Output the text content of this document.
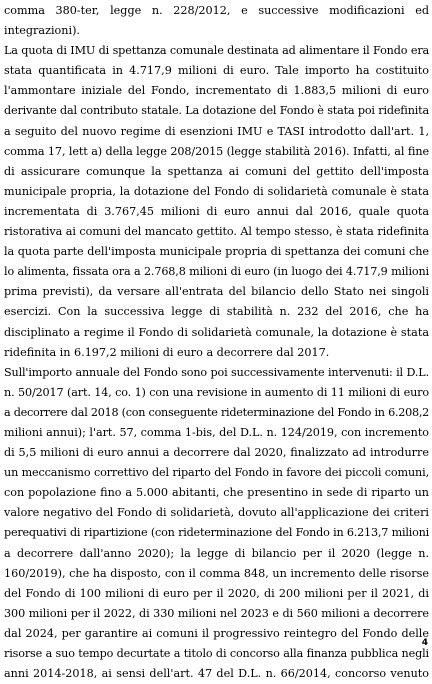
comma 380-ter, legge n. 228/2012, e successive modificazioni ed
integrazioni).
La quota di IMU di spettanza comunale destinata ad alimentare il Fondo era
stata quantificata in 4.717,9 milioni di euro. Tale importo ha costituito
l'ammontare iniziale del Fondo, incrementato di 1.883,5 milioni di euro
derivante dal contributo statale. La dotazione del Fondo è stata poi ridefinita
a seguito del nuovo regime di esenzioni IMU e TASI introdotto dall'art. 1,
comma 17, lett a) della legge 208/2015 (legge stabilità 2016). Infatti, al fine
di assicurare comunque la spettanza ai comuni del gettito dell'imposta
municipale propria, la dotazione del Fondo di solidarietà comunale è stata
incrementata di 3.767,45 milioni di euro annui dal 2016, quale quota
ristorativa ai comuni del mancato gettito. Al tempo stesso, è stata ridefinita
la quota parte dell'imposta municipale propria di spettanza dei comuni che
lo alimenta, fissata ora a 2.768,8 milioni di euro (in luogo dei 4.717,9 milioni
prima previsti), da versare all'entrata del bilancio dello Stato nei singoli
esercizi. Con la successiva legge di stabilità n. 232 del 2016, che ha
disciplinato a regime il Fondo di solidarietà comunale, la dotazione è stata
ridefinita in 6.197,2 milioni di euro a decorrere dal 2017.
Sull'importo annuale del Fondo sono poi successivamente intervenuti: il D.L.
n. 50/2017 (art. 14, co. 1) con una revisione in aumento di 11 milioni di euro
a decorrere dal 2018 (con conseguente rideterminazione del Fondo in 6.208,2
milioni annui); l'art. 57, comma 1-bis, del D.L. n. 124/2019, con incremento
di 5,5 milioni di euro annui a decorrere dal 2020, finalizzato ad introdurre
un meccanismo correttivo del riparto del Fondo in favore dei piccoli comuni,
con popolazione fino a 5.000 abitanti, che presentino in sede di riparto un
valore negativo del Fondo di solidarietà, dovuto all'applicazione dei criteri
perequativi di ripartizione (con rideterminazione del Fondo in 6.213,7 milioni
a decorrere dall'anno 2020); la legge di bilancio per il 2020 (legge n.
160/2019), che ha disposto, con il comma 848, un incremento delle risorse
del Fondo di 100 milioni di euro per il 2020, di 200 milioni per il 2021, di
300 milioni per il 2022, di 330 milioni nel 2023 e di 560 milioni a decorrere
dal 2024, per garantire ai comuni il progressivo reintegro del Fondo delle
risorse a suo tempo decurtate a titolo di concorso alla finanza pubblica negli
anni 2014-2018, ai sensi dell'art. 47 del D.L. n. 66/2014, concorso venuto
4
